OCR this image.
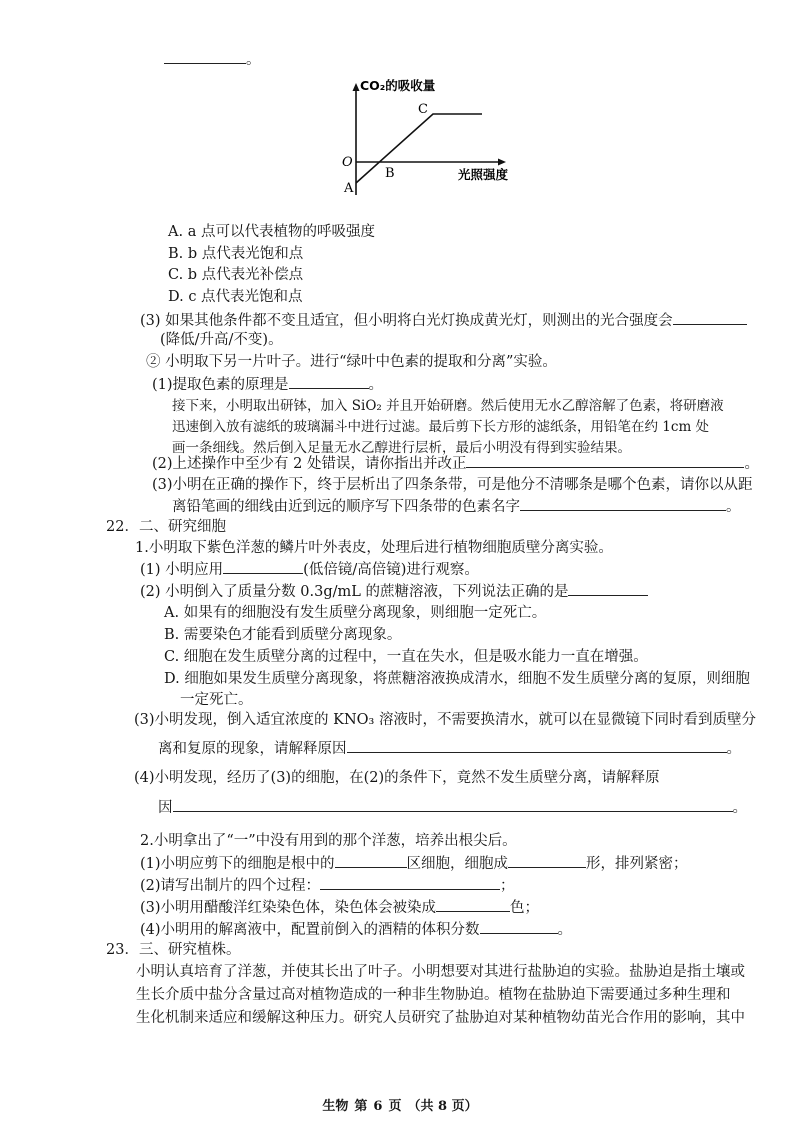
。
CO₂的吸收量
光照强度
O
A
B
C
A. a 点可以代表植物的呼吸强度
B. b 点代表光饱和点
C. b 点代表光补偿点
D. c 点代表光饱和点
(3) 如果其他条件都不变且适宜，但小明将白光灯换成黄光灯，则测出的光合强度会
(降低/升高/不变)。
② 小明取下另一片叶子。进行“绿叶中色素的提取和分离”实验。
(1)提取色素的原理是	。
接下来，小明取出研钵，加入 SiO₂ 并且开始研磨。然后使用无水乙醇溶解了色素，将研磨液
迅速倒入放有滤纸的玻璃漏斗中进行过滤。最后剪下长方形的滤纸条，用铅笔在约 1cm 处
画一条细线。然后倒入足量无水乙醇进行层析，最后小明没有得到实验结果。
(2)上述操作中至少有 2 处错误，请你指出并改正	。
(3)小明在正确的操作下，终于层析出了四条条带，可是他分不清哪条是哪个色素，请你以从距
离铅笔画的细线由近到远的顺序写下四条带的色素名字	。
22．二、研究细胞
1.小明取下紫色洋葱的鳞片叶外表皮，处理后进行植物细胞质壁分离实验。
(1) 小明应用	(低倍镜/高倍镜)进行观察。
(2) 小明倒入了质量分数 0.3g/mL 的蔗糖溶液，下列说法正确的是
A. 如果有的细胞没有发生质壁分离现象，则细胞一定死亡。
B. 需要染色才能看到质壁分离现象。
C. 细胞在发生质壁分离的过程中，一直在失水，但是吸水能力一直在增强。
D. 细胞如果发生质壁分离现象，将蔗糖溶液换成清水，细胞不发生质壁分离的复原，则细胞
一定死亡。
(3)小明发现，倒入适宜浓度的 KNO₃ 溶液时，不需要换清水，就可以在显微镜下同时看到质壁分
离和复原的现象，请解释原因	。
(4)小明发现，经历了(3)的细胞，在(2)的条件下，竟然不发生质壁分离，请解释原
因	。
2.小明拿出了“一”中没有用到的那个洋葱，培养出根尖后。
(1)小明应剪下的细胞是根中的	区细胞，细胞成	形，排列紧密；
(2)请写出制片的四个过程：	；
(3)小明用醋酸洋红染染色体，染色体会被染成	色；
(4)小明用的解离液中，配置前倒入的酒精的体积分数	。
23．三、研究植株。
小明认真培育了洋葱，并使其长出了叶子。小明想要对其进行盐胁迫的实验。盐胁迫是指土壤或
生长介质中盐分含量过高对植物造成的一种非生物胁迫。植物在盐胁迫下需要通过多种生理和
生化机制来适应和缓解这种压力。研究人员研究了盐胁迫对某种植物幼苗光合作用的影响，其中
生物 第 6 页 （共 8 页）
